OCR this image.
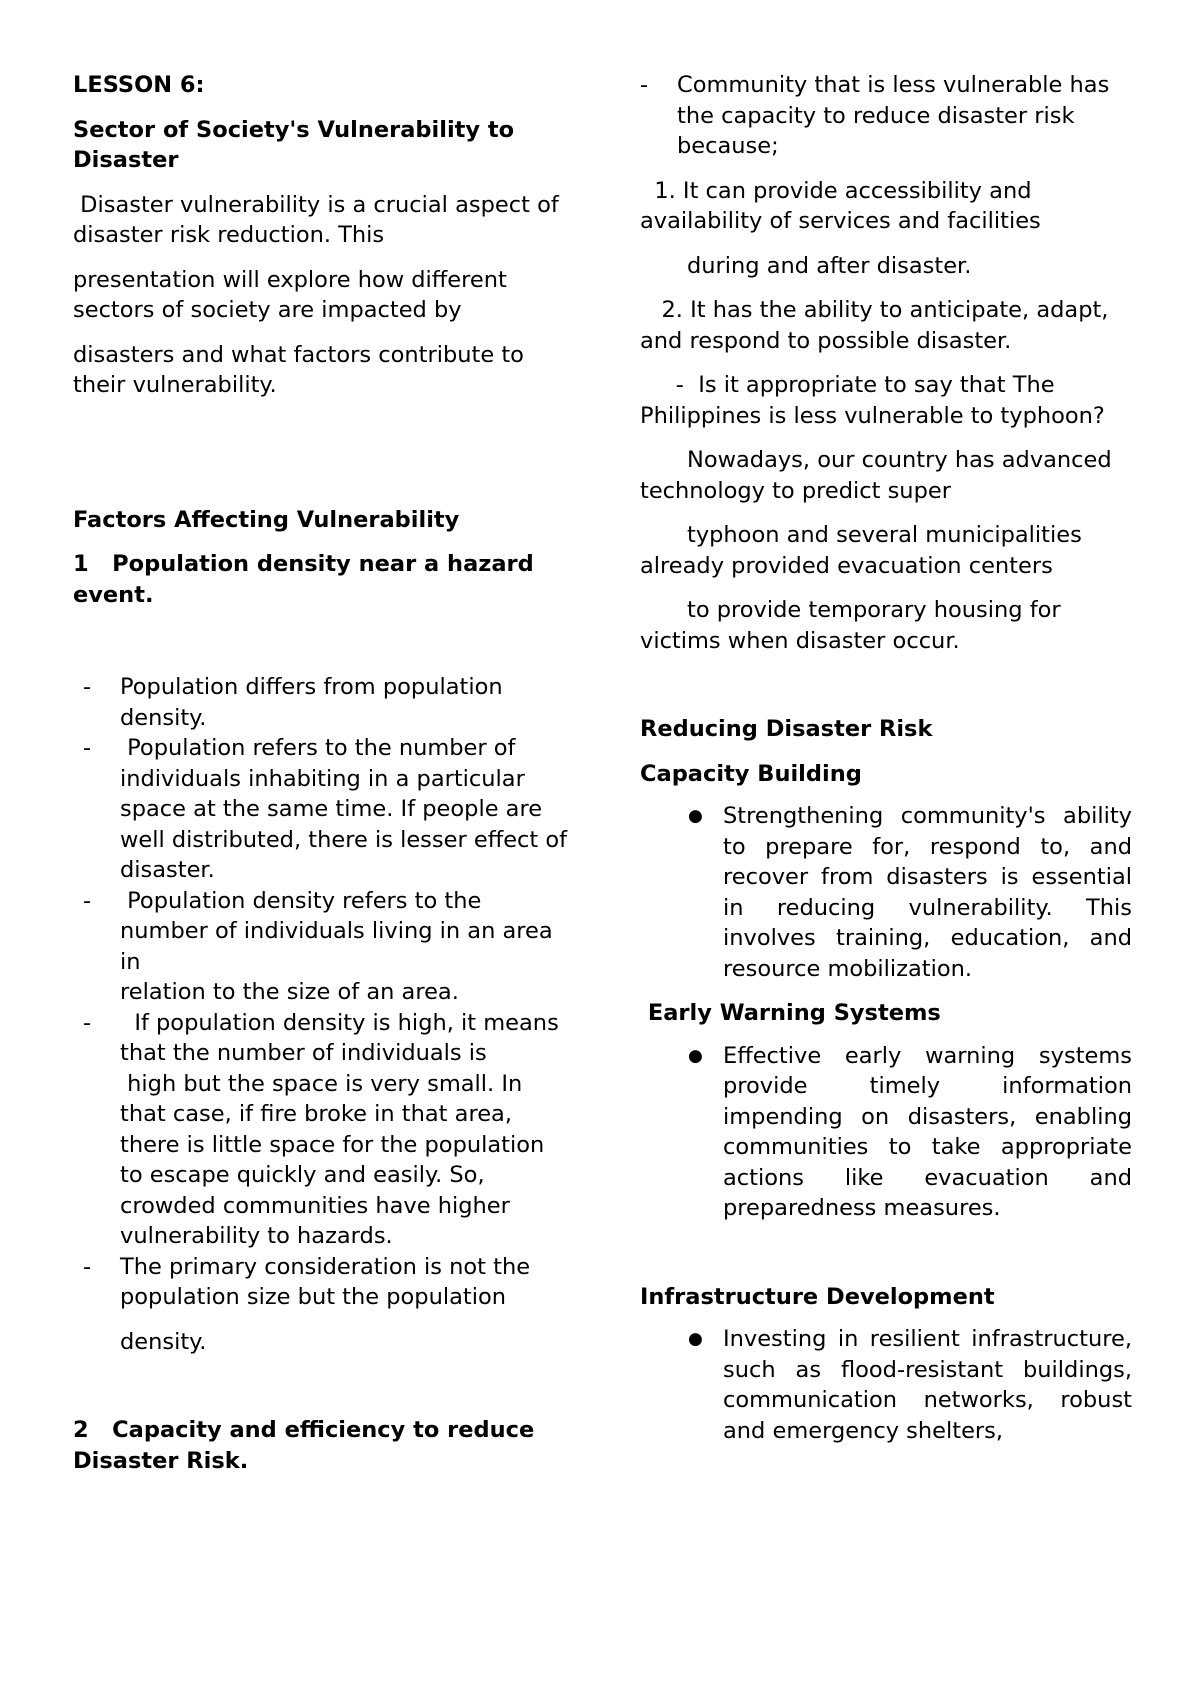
LESSON 6:

Sector of Society's Vulnerability to Disaster

Disaster vulnerability is a crucial aspect of disaster risk reduction. This

presentation will explore how different sectors of society are impacted by

disasters and what factors contribute to their vulnerability.

Factors Affecting Vulnerability

1   Population density near a hazard event.

- Population differs from population density.
-  Population refers to the number of individuals inhabiting in a particular space at the same time. If people are well distributed, there is lesser effect of disaster.
-  Population density refers to the number of individuals living in an area in

relation to the size of an area.

-   If population density is high, it means that the number of individuals is

high but the space is very small. In that case, if fire broke in that area, there is little space for the population to escape quickly and easily. So, crowded communities have higher vulnerability to hazards.

- The primary consideration is not the population size but the population

density.

2   Capacity and efficiency to reduce Disaster Risk.

- Community that is less vulnerable has the capacity to reduce disaster risk because;

1. It can provide accessibility and availability of services and facilities

during and after disaster.

2. It has the ability to anticipate, adapt, and respond to possible disaster.

-  Is it appropriate to say that The Philippines is less vulnerable to typhoon?

Nowadays, our country has advanced technology to predict super

typhoon and several municipalities already provided evacuation centers

to provide temporary housing for victims when disaster occur.

Reducing Disaster Risk

Capacity Building

● Strengthening community's ability to prepare for, respond to, and recover from disasters is essential in reducing vulnerability. This involves training, education, and resource mobilization.

Early Warning Systems

● Effective early warning systems provide timely information impending on disasters, enabling communities to take appropriate actions like evacuation and preparedness measures.

Infrastructure Development

● Investing in resilient infrastructure, such as flood-resistant buildings, communication networks, robust and emergency shelters,
